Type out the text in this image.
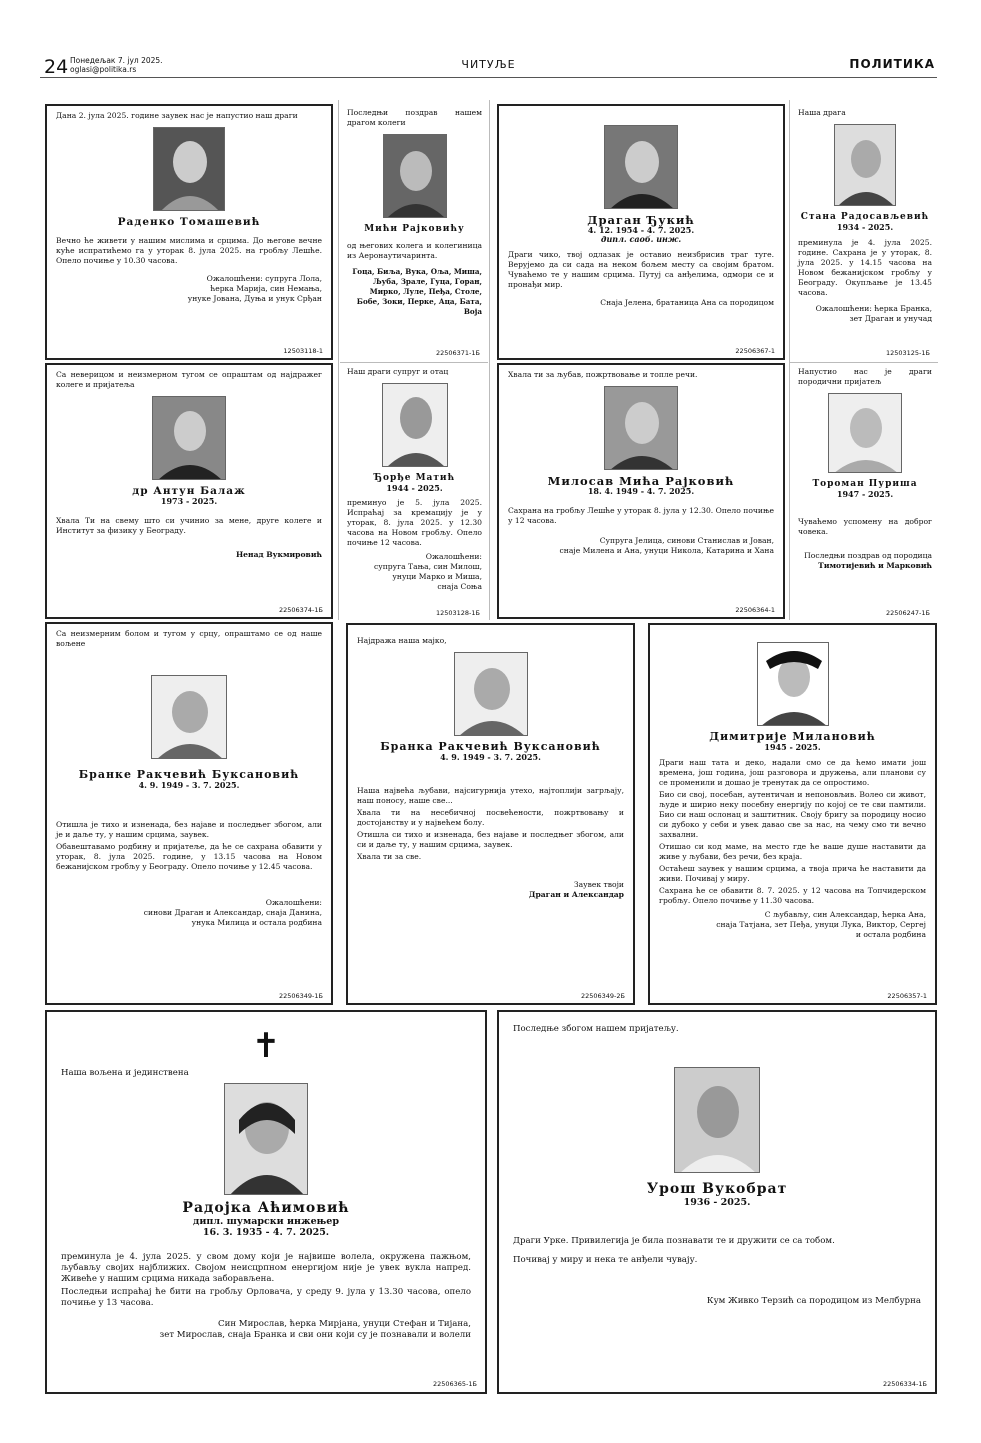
24 Понедељак 7. јул 2025.
oglasi@politika.rs	ЧИТУЉЕ	ПОЛИТИКА
Дана 2. јула 2025. године заувек нас је напустио наш драги
Раденко Томашевић
Вечно ће живети у нашим мислима и срцима. До његове вечне куће испратићемо га у уторак 8. јула 2025. на гробљу Лешће. Опело почиње у 10.30 часова.
Ожалошћени: супруга Лола,
ћерка Марија, син Немања,
унуке Јована, Дуња и унук Срђан
12503118-1
Последњи поздрав нашем драгом колеги
Мићи Рајковићу
од његових колега и колегиница из Аеронаутичаринта.
Гоца, Биља, Вука, Оља, Миша, Љуба, Зрале, Гуца, Горан, Мирко, Луле, Пеђа, Столе, Бобе, Зоки, Перке, Аца, Бата, Воја
22506371-1Б
Драган Ђукић
4. 12. 1954 - 4. 7. 2025.
дипл. саоб. инж.
Драги чико, твој одлазак је оставио неизбрисив траг туге. Верујемо да си сада на неком бољем месту са својим братом. Чуваћемо те у нашим срцима. Путуј са анђелима, одмори се и пронађи мир.
Снаја Јелена, братаница Ана са породицом
22506367-1
Наша драга
Стана Радосављевић
1934 - 2025.
преминула је 4. јула 2025. године. Сахрана је у уторак, 8. јула 2025. у 14.15 часова на Новом бежанијском гробљу у Београду. Окупљање је 13.45 часова.
Ожалошћени: ћерка Бранка,
зет Драган и унучад
12503125-1Б
Са неверицом и неизмерном тугом се опраштам од најдражег колеге и пријатеља
др Антун Балаж
1973 - 2025.
Хвала Ти на свему што си учинио за мене, друге колеге и Институт за физику у Београду.
Ненад Вукмировић
22506374-1Б
Наш драги супруг и отац
Ђорђе Матић
1944 - 2025.
преминуо је 5. јула 2025. Испраћај за кремацију је у уторак, 8. јула 2025. у 12.30 часова на Новом гробљу. Опело почиње 12 часова.
Ожалошћени:
супруга Тања, син Милош,
унуци Марко и Миша,
снаја Соња
12503128-1Б
Хвала ти за љубав, пожртвовање и топле речи.
Милосав Мића Рајковић
18. 4. 1949 - 4. 7. 2025.
Сахрана на гробљу Лешће у уторак 8. јула у 12.30. Опело почиње у 12 часова.
Супруга Јелица, синови Станислав и Јован,
снаје Милена и Ана, унуци Никола, Катарина и Хана
22506364-1
Напустио нас је драги породични пријатељ
Тороман Пуриша
1947 - 2025.
Чуваћемо успомену на доброг човека.
Последњи поздрав од породица
Тимотијевић и Марковић
22506247-1Б
Са неизмерним болом и тугом у срцу, опраштамо се од наше вољене
Бранке Ракчевић Буксановић
4. 9. 1949 - 3. 7. 2025.
Отишла је тихо и изненада, без најаве и последњег збогом, али је и даље ту, у нашим срцима, заувек.
Обавештавамо родбину и пријатеље, да ће се сахрана обавити у уторак, 8. јула 2025. године, у 13.15 часова на Новом бежанијском гробљу у Београду. Опело почиње у 12.45 часова.
Ожалошћени:
синови Драган и Александар, снаја Данина,
унука Милица и остала родбина
22506349-1Б
Најдража наша мајко,
Бранка Ракчевић Вуксановић
4. 9. 1949 - 3. 7. 2025.
Наша највећа љубави, најсигурнија утехо, најтоплији загрљају, наш поносу, наше све...
Хвала ти на несебичној посвећености, пожртвовању и достојанству и у највећем болу.
Отишла си тихо и изненада, без најаве и последњег збогом, али си и даље ту, у нашим срцима, заувек.
Хвала ти за све.
Заувек твоји
Драган и Александар
22506349-2Б
Димитрије Милановић
1945 - 2025.
Драги наш тата и деко, надали смо се да ћемо имати још времена, још година, још разговора и дружења, али планови су се променили и дошао је тренутак да се опростимо.
Био си свој, посебан, аутентичан и непоновљив. Волео си живот, људе и ширио неку посебну енергију по којој се те сви памтили. Био си наш ослонац и заштитник. Своју бригу за породицу носио си дубоко у себи и увек давао све за нас, на чему смо ти вечно захвални.
Отишао си код маме, на место где ће ваше душе наставити да живе у љубави, без речи, без краја.
Остаћеш заувек у нашим срцима, а твоја прича ће наставити да живи. Почивај у миру.
Сахрана ће се обавити 8. 7. 2025. у 12 часова на Топчидерском гробљу. Опело почиње у 11.30 часова.
С љубављу, син Александар, ћерка Ана,
снаја Татјана, зет Пеђа, унуци Лука, Виктор, Сергеј
и остала родбина
22506357-1
✝
Наша вољена и јединствена
Радојка Аћимовић
дипл. шумарски инжењер
16. 3. 1935 - 4. 7. 2025.
преминула је 4. јула 2025. у свом дому који је највише волела, окружена пажњом, љубављу својих најближих. Својом неисцрпном енергијом није је увек вукла напред. Живеће у нашим срцима никада заборављена.
Последњи испраћај ће бити на гробљу Орловача, у среду 9. јула у 13.30 часова, опело почиње у 13 часова.
Син Мирослав, ћерка Мирјана, унуци Стефан и Тијана,
зет Мирослав, снаја Бранка и сви они који су је познавали и волели
22506365-1Б
Последње збогом нашем пријатељу.
Урош Вукобрат
1936 - 2025.
Драги Урке. Привилегија је била познавати те и дружити се са тобом.
Почивај у миру и нека те анђели чувају.
Кум Живко Терзић са породицом из Мелбурна
22506334-1Б
